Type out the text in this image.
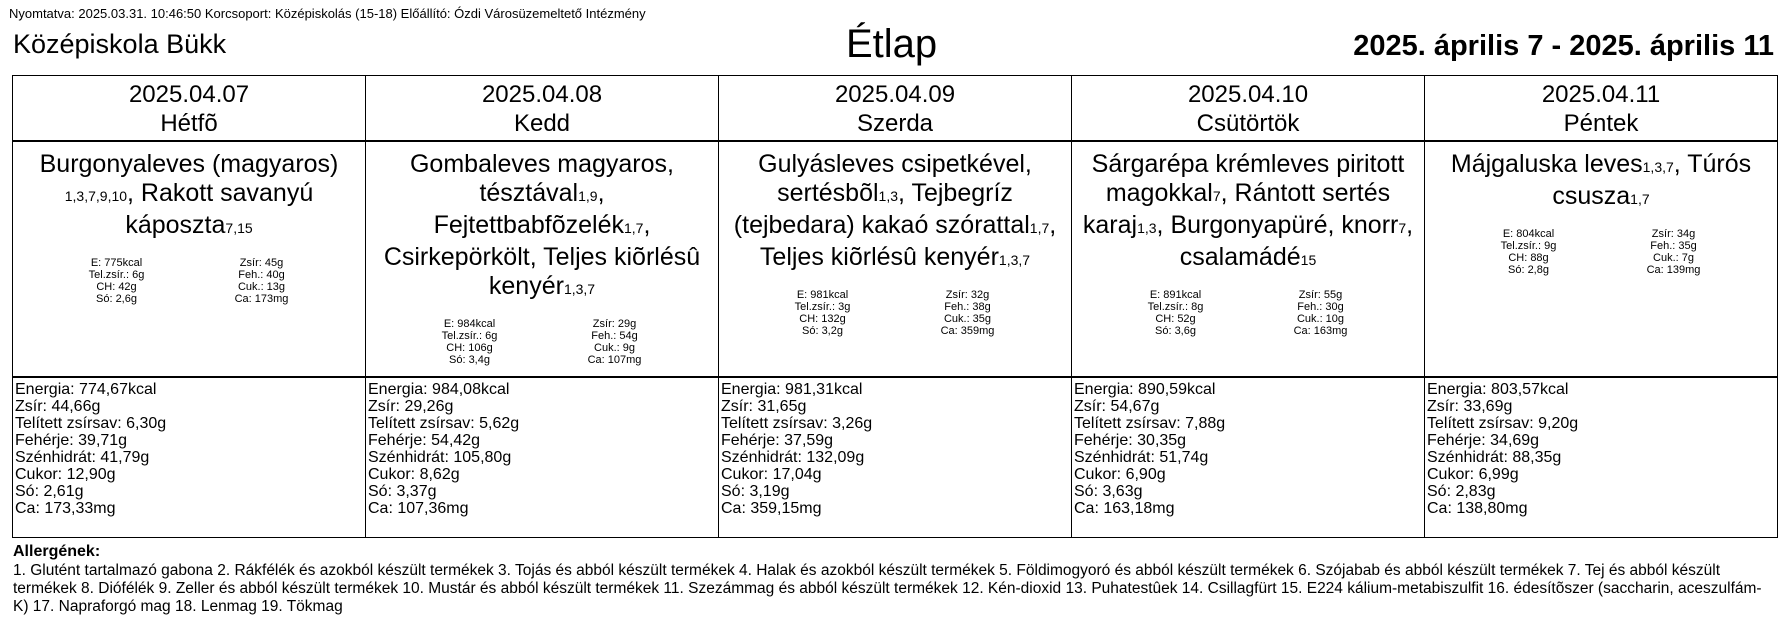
Nyomtatva: 2025.03.31. 10:46:50 Korcsoport: Középiskolás (15-18) Előállító: Ózdi Városüzemeltető Intézmény
Középiskola Bükk	Étlap	2025. április 7 - 2025. április 11
2025.04.07
Hétfõ
Burgonyaleves (magyaros) 1,3,7,9,10, Rakott savanyú káposzta7,15
E: 775kcal
Tel.zsír.: 6g
CH: 42g
Só: 2,6g
Zsír: 45g
Feh.: 40g
Cuk.: 13g
Ca: 173mg
Energia: 774,67kcal
Zsír: 44,66g
Telített zsírsav: 6,30g
Fehérje: 39,71g
Szénhidrát: 41,79g
Cukor: 12,90g
Só: 2,61g
Ca: 173,33mg
2025.04.08
Kedd
Gombaleves magyaros, tésztával1,9, Fejtettbabfõzelék1,7, Csirkepörkölt, Teljes kiõrlésû kenyér1,3,7
E: 984kcal
Tel.zsír.: 6g
CH: 106g
Só: 3,4g
Zsír: 29g
Feh.: 54g
Cuk.: 9g
Ca: 107mg
Energia: 984,08kcal
Zsír: 29,26g
Telített zsírsav: 5,62g
Fehérje: 54,42g
Szénhidrát: 105,80g
Cukor: 8,62g
Só: 3,37g
Ca: 107,36mg
2025.04.09
Szerda
Gulyásleves csipetkével, sertésbõl1,3, Tejbegríz (tejbedara) kakaó szórattal1,7, Teljes kiõrlésû kenyér1,3,7
E: 981kcal
Tel.zsír.: 3g
CH: 132g
Só: 3,2g
Zsír: 32g
Feh.: 38g
Cuk.: 35g
Ca: 359mg
Energia: 981,31kcal
Zsír: 31,65g
Telített zsírsav: 3,26g
Fehérje: 37,59g
Szénhidrát: 132,09g
Cukor: 17,04g
Só: 3,19g
Ca: 359,15mg
2025.04.10
Csütörtök
Sárgarépa krémleves piritott magokkal7, Rántott sertés karaj1,3, Burgonyapüré, knorr7, csalamádé15
E: 891kcal
Tel.zsír.: 8g
CH: 52g
Só: 3,6g
Zsír: 55g
Feh.: 30g
Cuk.: 10g
Ca: 163mg
Energia: 890,59kcal
Zsír: 54,67g
Telített zsírsav: 7,88g
Fehérje: 30,35g
Szénhidrát: 51,74g
Cukor: 6,90g
Só: 3,63g
Ca: 163,18mg
2025.04.11
Péntek
Májgaluska leves1,3,7, Túrós csusza1,7
E: 804kcal
Tel.zsír.: 9g
CH: 88g
Só: 2,8g
Zsír: 34g
Feh.: 35g
Cuk.: 7g
Ca: 139mg
Energia: 803,57kcal
Zsír: 33,69g
Telített zsírsav: 9,20g
Fehérje: 34,69g
Szénhidrát: 88,35g
Cukor: 6,99g
Só: 2,83g
Ca: 138,80mg
Allergének:
1. Glutént tartalmazó gabona 2. Rákfélék és azokból készült termékek 3. Tojás és abból készült termékek 4. Halak és azokból készült termékek 5. Földimogyoró és abból készült termékek 6. Szójabab és abból készült termékek 7. Tej és abból készült termékek 8. Diófélék 9. Zeller és abból készült termékek 10. Mustár és abból készült termékek 11. Szezámmag és abból készült termékek 12. Kén-dioxid 13. Puhatestûek 14. Csillagfürt 15. E224 kálium-metabiszulfit 16. édesítõszer (saccharin, aceszulfám-K) 17. Napraforgó mag 18. Lenmag 19. Tökmag
